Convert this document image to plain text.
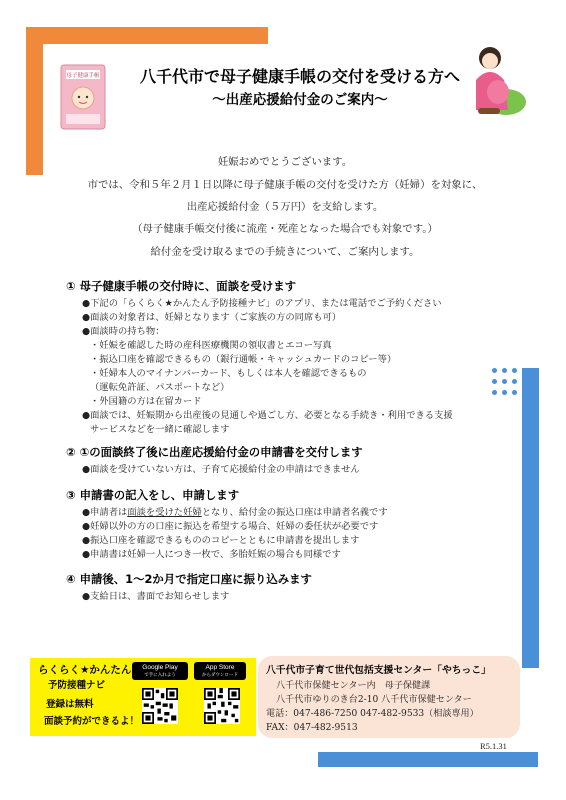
母子健康手帳	八千代市で母子健康手帳の交付を受ける方へ
～出産応援給付金のご案内～
妊娠おめでとうございます。
市では、令和５年２月１日以降に母子健康手帳の交付を受けた方（妊婦）を対象に、
出産応援給付金（５万円）を支給します。
（母子健康手帳交付後に流産・死産となった場合でも対象です。）
給付金を受け取るまでの手続きについて、ご案内します。
① 母子健康手帳の交付時に、面談を受けます
●下記の「らくらく★かんたん予防接種ナビ」のアプリ、または電話でご予約ください
●面談の対象者は、妊婦となります（ご家族の方の同席も可）
●面談時の持ち物：
・妊娠を確認した時の産科医療機関の領収書とエコー写真
・振込口座を確認できるもの（銀行通帳・キャッシュカードのコピー等）
・妊婦本人のマイナンバーカード、もしくは本人を確認できるもの
（運転免許証、パスポートなど）
・外国籍の方は在留カード
●面談では、妊娠期から出産後の見通しや過ごし方、必要となる手続き・利用できる支援
サービスなどを一緒に確認します
② ①の面談終了後に出産応援給付金の申請書を交付します
●面談を受けていない方は、子育て応援給付金の申請はできません
③ 申請書の記入をし、申請します
●申請者は面談を受けた妊婦となり、給付金の振込口座は申請者名義です
●妊婦以外の方の口座に振込を希望する場合、妊婦の委任状が必要です
●振込口座を確認できるもののコピーとともに申請書を提出します
●申請書は妊婦一人につき一枚で、多胎妊娠の場合も同様です
④ 申請後、1～2か月で指定口座に振り込みます
●支給日は、書面でお知らせします
らくらく★かんたん
予防接種ナビ
登録は無料
面談予約ができるよ！
Google Play
で手に入れよう
App Store
からダウンロード	八千代市子育て世代包括支援センター「やちっこ」
八千代市保健センター内　母子保健課
八千代市ゆりのき台2-10 八千代市保健センター
電話：047-486-7250 047-482-9533（相談専用）
FAX：047-482-9513
R5.1.31
